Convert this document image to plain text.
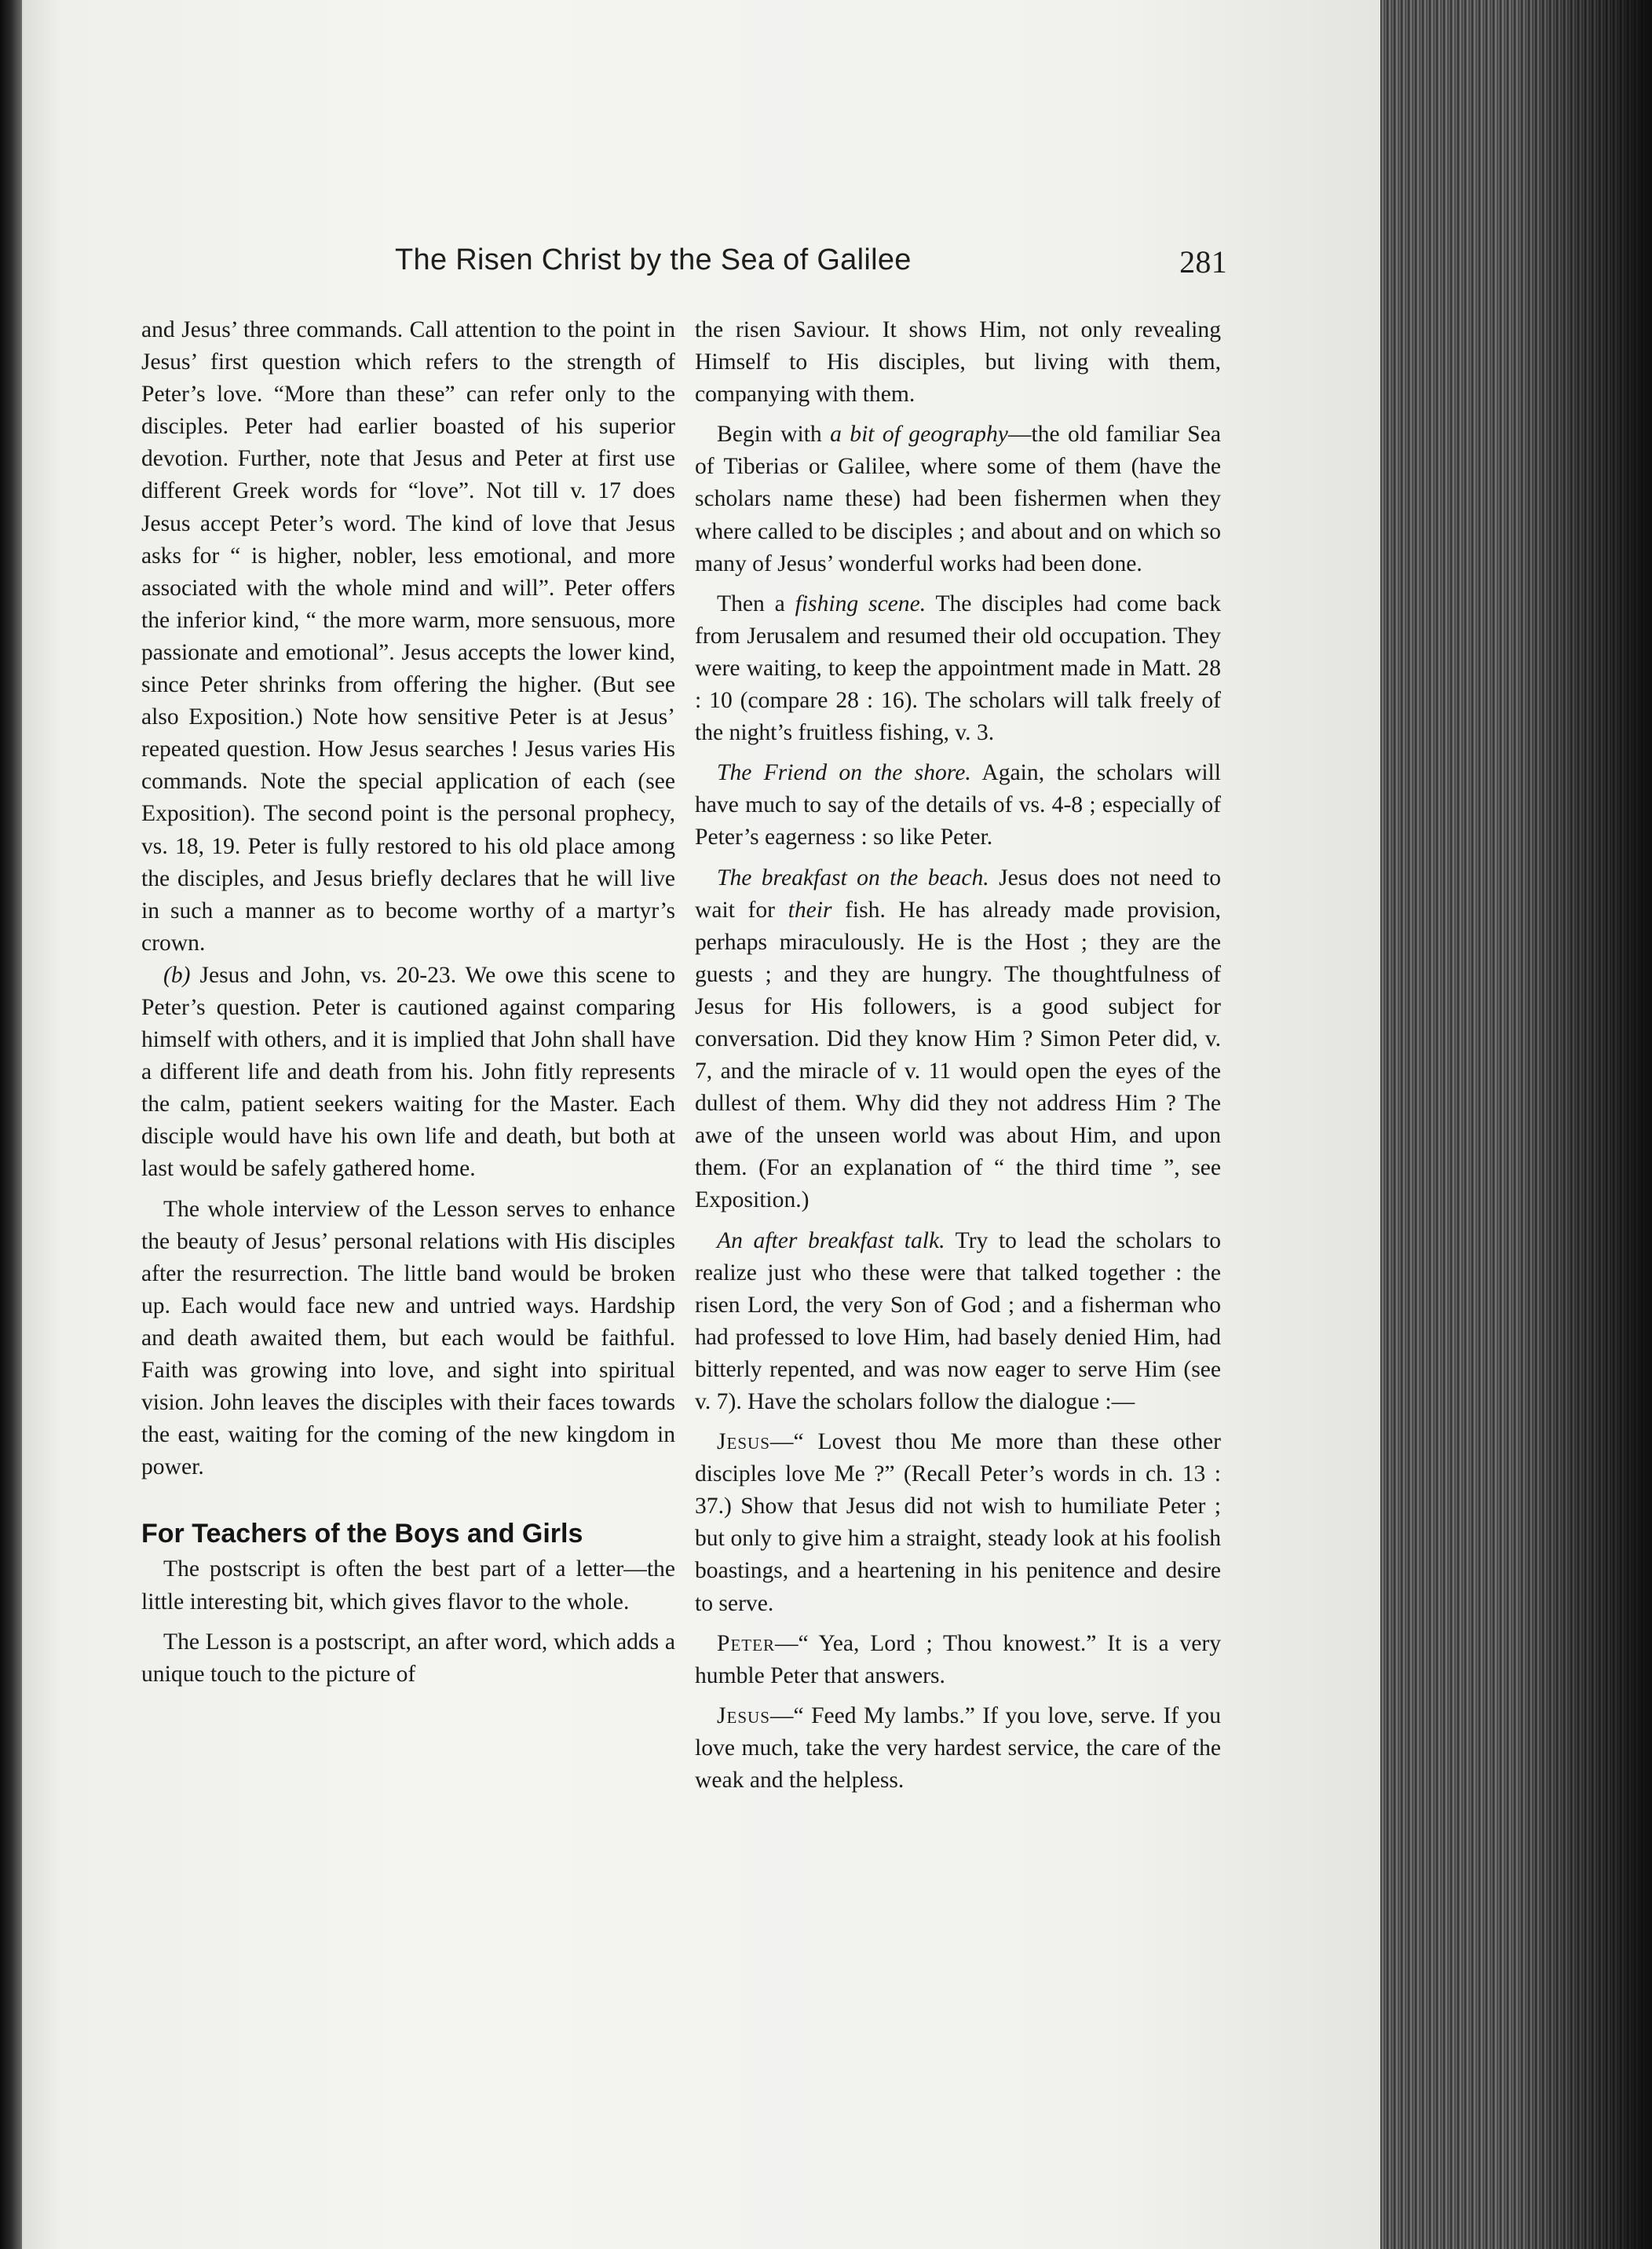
The Risen Christ by the Sea of Galilee	281

and Jesus’ three commands. Call attention to the point in Jesus’ first question which refers to the strength of Peter’s love. “More than these” can refer only to the disciples. Peter had earlier boasted of his superior devotion. Further, note that Jesus and Peter at first use different Greek words for “love”. Not till v. 17 does Jesus accept Peter’s word. The kind of love that Jesus asks for “ is higher, nobler, less emotional, and more associated with the whole mind and will”. Peter offers the inferior kind, “ the more warm, more sensuous, more passionate and emotional”. Jesus accepts the lower kind, since Peter shrinks from offering the higher. (But see also Exposition.) Note how sensitive Peter is at Jesus’ repeated question. How Jesus searches ! Jesus varies His commands. Note the special application of each (see Exposition). The second point is the personal prophecy, vs. 18, 19. Peter is fully restored to his old place among the disciples, and Jesus briefly declares that he will live in such a manner as to become worthy of a martyr’s crown.

(b) Jesus and John, vs. 20-23. We owe this scene to Peter’s question. Peter is cautioned against comparing himself with others, and it is implied that John shall have a different life and death from his. John fitly represents the calm, patient seekers waiting for the Master. Each disciple would have his own life and death, but both at last would be safely gathered home.

The whole interview of the Lesson serves to enhance the beauty of Jesus’ personal relations with His disciples after the resurrection. The little band would be broken up. Each would face new and untried ways. Hardship and death awaited them, but each would be faithful. Faith was growing into love, and sight into spiritual vision. John leaves the disciples with their faces towards the east, waiting for the coming of the new kingdom in power.

For Teachers of the Boys and Girls

The postscript is often the best part of a letter—the little interesting bit, which gives flavor to the whole.

The Lesson is a postscript, an after word, which adds a unique touch to the picture of

the risen Saviour. It shows Him, not only revealing Himself to His disciples, but living with them, companying with them.

Begin with a bit of geography—the old familiar Sea of Tiberias or Galilee, where some of them (have the scholars name these) had been fishermen when they where called to be disciples ; and about and on which so many of Jesus’ wonderful works had been done.

Then a fishing scene. The disciples had come back from Jerusalem and resumed their old occupation. They were waiting, to keep the appointment made in Matt. 28 : 10 (compare 28 : 16). The scholars will talk freely of the night’s fruitless fishing, v. 3.

The Friend on the shore. Again, the scholars will have much to say of the details of vs. 4-8 ; especially of Peter’s eagerness : so like Peter.

The breakfast on the beach. Jesus does not need to wait for their fish. He has already made provision, perhaps miraculously. He is the Host ; they are the guests ; and they are hungry. The thoughtfulness of Jesus for His followers, is a good subject for conversation. Did they know Him ? Simon Peter did, v. 7, and the miracle of v. 11 would open the eyes of the dullest of them. Why did they not address Him ? The awe of the unseen world was about Him, and upon them. (For an explanation of “ the third time ”, see Exposition.)

An after breakfast talk. Try to lead the scholars to realize just who these were that talked together : the risen Lord, the very Son of God ; and a fisherman who had professed to love Him, had basely denied Him, had bitterly repented, and was now eager to serve Him (see v. 7). Have the scholars follow the dialogue :—

Jesus—“ Lovest thou Me more than these other disciples love Me ?” (Recall Peter’s words in ch. 13 : 37.) Show that Jesus did not wish to humiliate Peter ; but only to give him a straight, steady look at his foolish boastings, and a heartening in his penitence and desire to serve.

Peter—“ Yea, Lord ; Thou knowest.” It is a very humble Peter that answers.

Jesus—“ Feed My lambs.” If you love, serve. If you love much, take the very hardest service, the care of the weak and the helpless.
